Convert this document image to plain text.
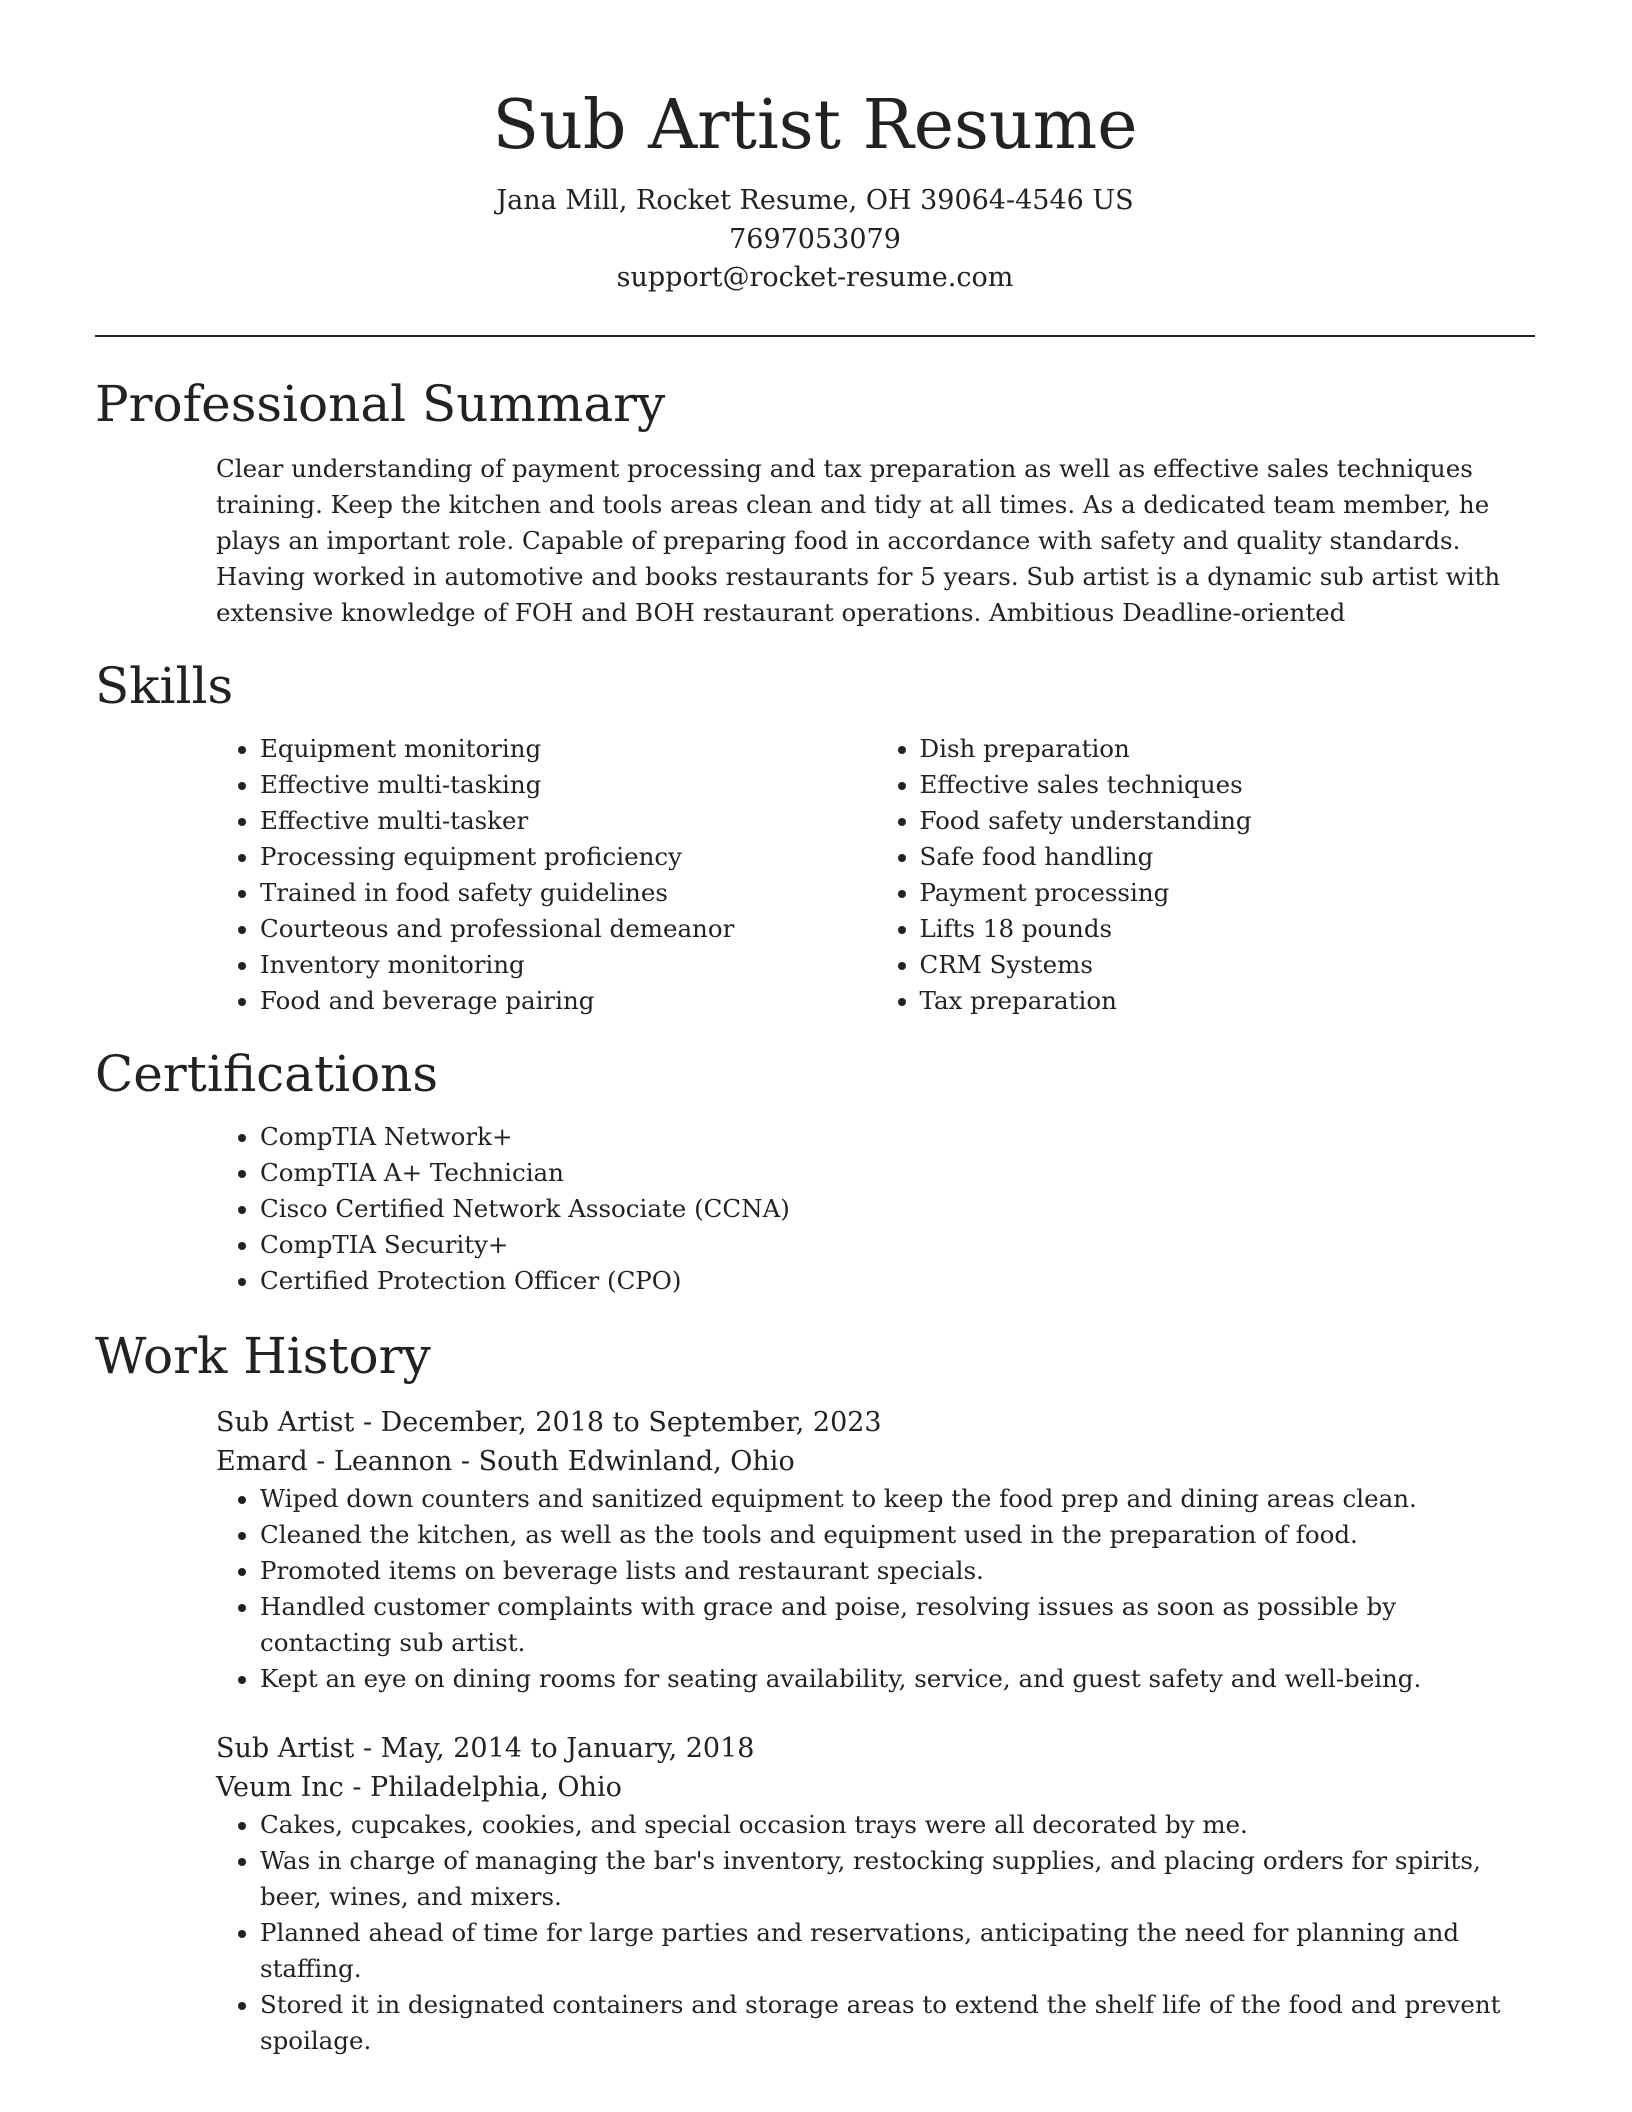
Sub Artist Resume
Jana Mill, Rocket Resume, OH 39064-4546 US
7697053079
support@rocket-resume.com
Professional Summary

Clear understanding of payment processing and tax preparation as well as effective sales techniques training. Keep the kitchen and tools areas clean and tidy at all times. As a dedicated team member, he plays an important role. Capable of preparing food in accordance with safety and quality standards. Having worked in automotive and books restaurants for 5 years. Sub artist is a dynamic sub artist with extensive knowledge of FOH and BOH restaurant operations. Ambitious Deadline-oriented

Skills
• Equipment monitoring
• Effective multi-tasking
• Effective multi-tasker
• Processing equipment proficiency
• Trained in food safety guidelines
• Courteous and professional demeanor
• Inventory monitoring
• Food and beverage pairing
• Dish preparation
• Effective sales techniques
• Food safety understanding
• Safe food handling
• Payment processing
• Lifts 18 pounds
• CRM Systems
• Tax preparation
Certifications
• CompTIA Network+
• CompTIA A+ Technician
• Cisco Certified Network Associate (CCNA)
• CompTIA Security+
• Certified Protection Officer (CPO)
Work History
Sub Artist - December, 2018 to September, 2023
Emard - Leannon - South Edwinland, Ohio
• Wiped down counters and sanitized equipment to keep the food prep and dining areas clean.
• Cleaned the kitchen, as well as the tools and equipment used in the preparation of food.
• Promoted items on beverage lists and restaurant specials.
• Handled customer complaints with grace and poise, resolving issues as soon as possible by contacting sub artist.
• Kept an eye on dining rooms for seating availability, service, and guest safety and well-being.
Sub Artist - May, 2014 to January, 2018
Veum Inc - Philadelphia, Ohio
• Cakes, cupcakes, cookies, and special occasion trays were all decorated by me.
• Was in charge of managing the bar's inventory, restocking supplies, and placing orders for spirits, beer, wines, and mixers.
• Planned ahead of time for large parties and reservations, anticipating the need for planning and staffing.
• Stored it in designated containers and storage areas to extend the shelf life of the food and prevent spoilage.
